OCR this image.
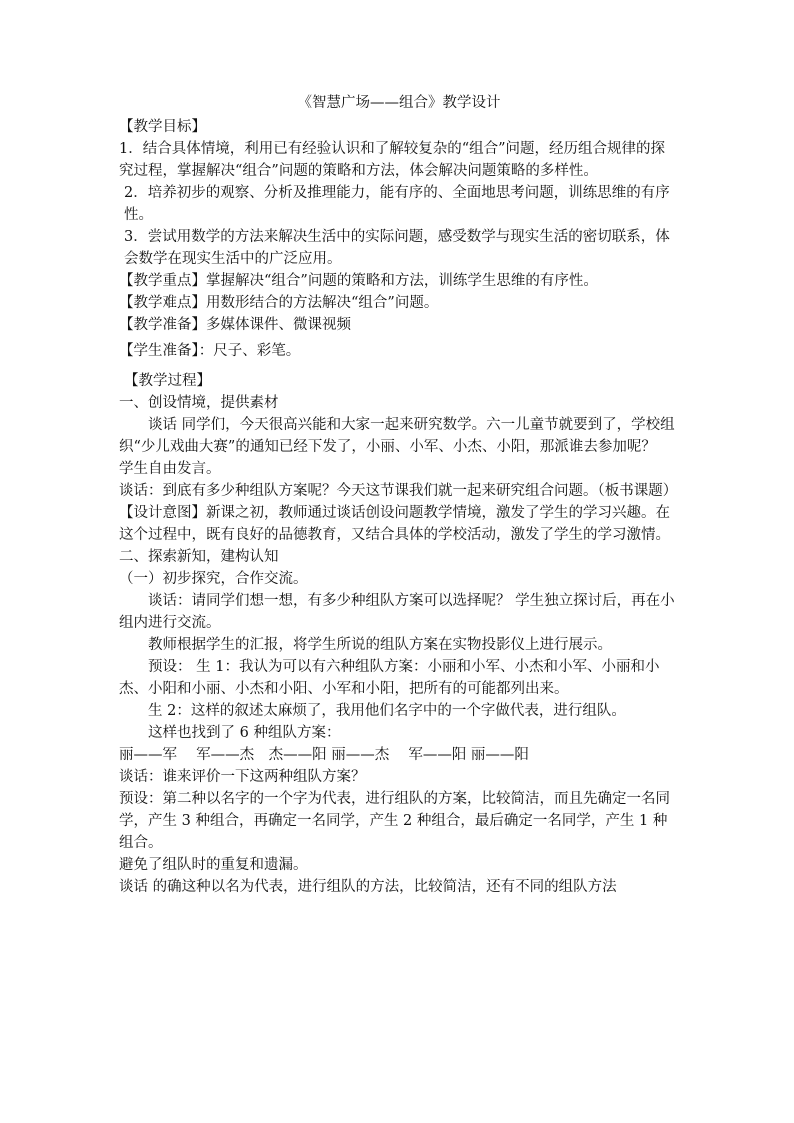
《智慧广场——组合》教学设计

【教学目标】

1．结合具体情境，利用已有经验认识和了解较复杂的“组合”问题，经历组合规律的探究过程，掌握解决“组合”问题的策略和方法，体会解决问题策略的多样性。

2．培养初步的观察、分析及推理能力，能有序的、全面地思考问题，训练思维的有序性。

3．尝试用数学的方法来解决生活中的实际问题，感受数学与现实生活的密切联系，体会数学在现实生活中的广泛应用。

【教学重点】掌握解决“组合”问题的策略和方法，训练学生思维的有序性。

【教学难点】用数形结合的方法解决“组合”问题。

【教学准备】多媒体课件、微课视频

【学生准备】：尺子、彩笔。

【教学过程】

一、创设情境，提供素材

谈话 同学们，今天很高兴能和大家一起来研究数学。六一儿童节就要到了，学校组织“少儿戏曲大赛”的通知已经下发了，小丽、小军、小杰、小阳，那派谁去参加呢？

学生自由发言。

谈话：到底有多少种组队方案呢？今天这节课我们就一起来研究组合问题。（板书课题）

【设计意图】新课之初，教师通过谈话创设问题教学情境，激发了学生的学习兴趣。在这个过程中，既有良好的品德教育，又结合具体的学校活动，激发了学生的学习激情。

二、探索新知，建构认知

（一）初步探究，合作交流。

谈话：请同学们想一想，有多少种组队方案可以选择呢？ 学生独立探讨后，再在小组内进行交流。

教师根据学生的汇报，将学生所说的组队方案在实物投影仪上进行展示。

预设： 生 1：我认为可以有六种组队方案：小丽和小军、小杰和小军、小丽和小杰、小阳和小丽、小杰和小阳、小军和小阳，把所有的可能都列出来。

生 2：这样的叙述太麻烦了，我用他们名字中的一个字做代表，进行组队。

这样也找到了 6 种组队方案：

丽——军　 军——杰　杰——阳 丽——杰　 军——阳 丽——阳

谈话：谁来评价一下这两种组队方案？

预设：第二种以名字的一个字为代表，进行组队的方案，比较简洁，而且先确定一名同学，产生 3 种组合，再确定一名同学，产生 2 种组合，最后确定一名同学，产生 1 种组合。

避免了组队时的重复和遗漏。

谈话 的确这种以名为代表，进行组队的方法，比较简洁，还有不同的组队方法
